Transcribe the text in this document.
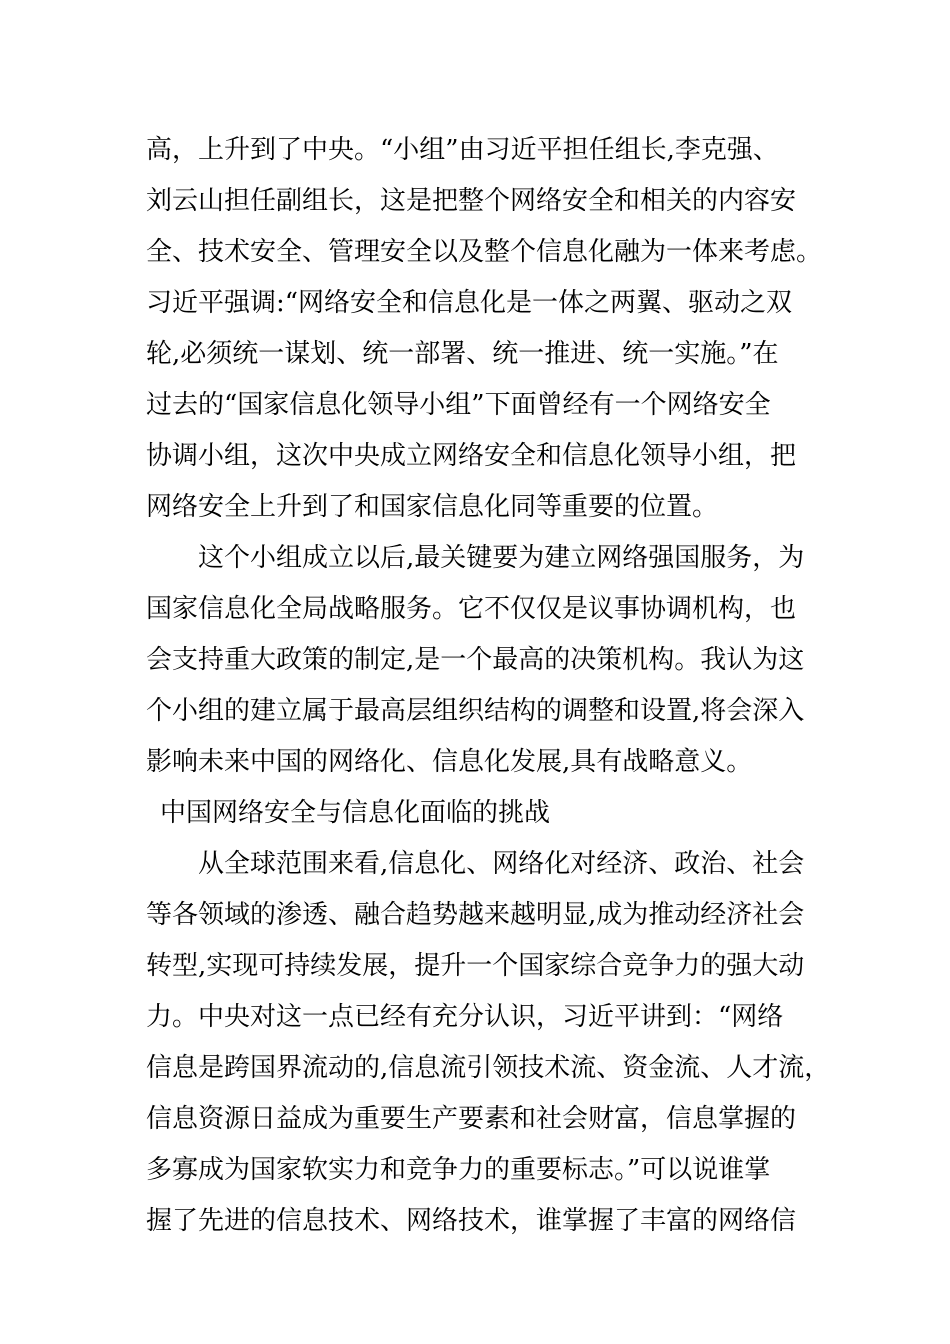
高，上升到了中央。“小组”由习近平担任组长,李克强、
刘云山担任副组长，这是把整个网络安全和相关的内容安
全、技术安全、管理安全以及整个信息化融为一体来考虑。
习近平强调:“网络安全和信息化是一体之两翼、驱动之双
轮,必须统一谋划、统一部署、统一推进、统一实施。”在
过去的“国家信息化领导小组”下面曾经有一个网络安全
协调小组，这次中央成立网络安全和信息化领导小组，把
网络安全上升到了和国家信息化同等重要的位置。
这个小组成立以后,最关键要为建立网络强国服务，为
国家信息化全局战略服务。它不仅仅是议事协调机构，也
会支持重大政策的制定,是一个最高的决策机构。我认为这
个小组的建立属于最高层组织结构的调整和设置,将会深入
影响未来中国的网络化、信息化发展,具有战略意义。
中国网络安全与信息化面临的挑战
从全球范围来看,信息化、网络化对经济、政治、社会
等各领域的渗透、融合趋势越来越明显,成为推动经济社会
转型,实现可持续发展，提升一个国家综合竞争力的强大动
力。中央对这一点已经有充分认识，习近平讲到：“网络
信息是跨国界流动的,信息流引领技术流、资金流、人才流，
信息资源日益成为重要生产要素和社会财富，信息掌握的
多寡成为国家软实力和竞争力的重要标志。”可以说谁掌
握了先进的信息技术、网络技术，谁掌握了丰富的网络信
